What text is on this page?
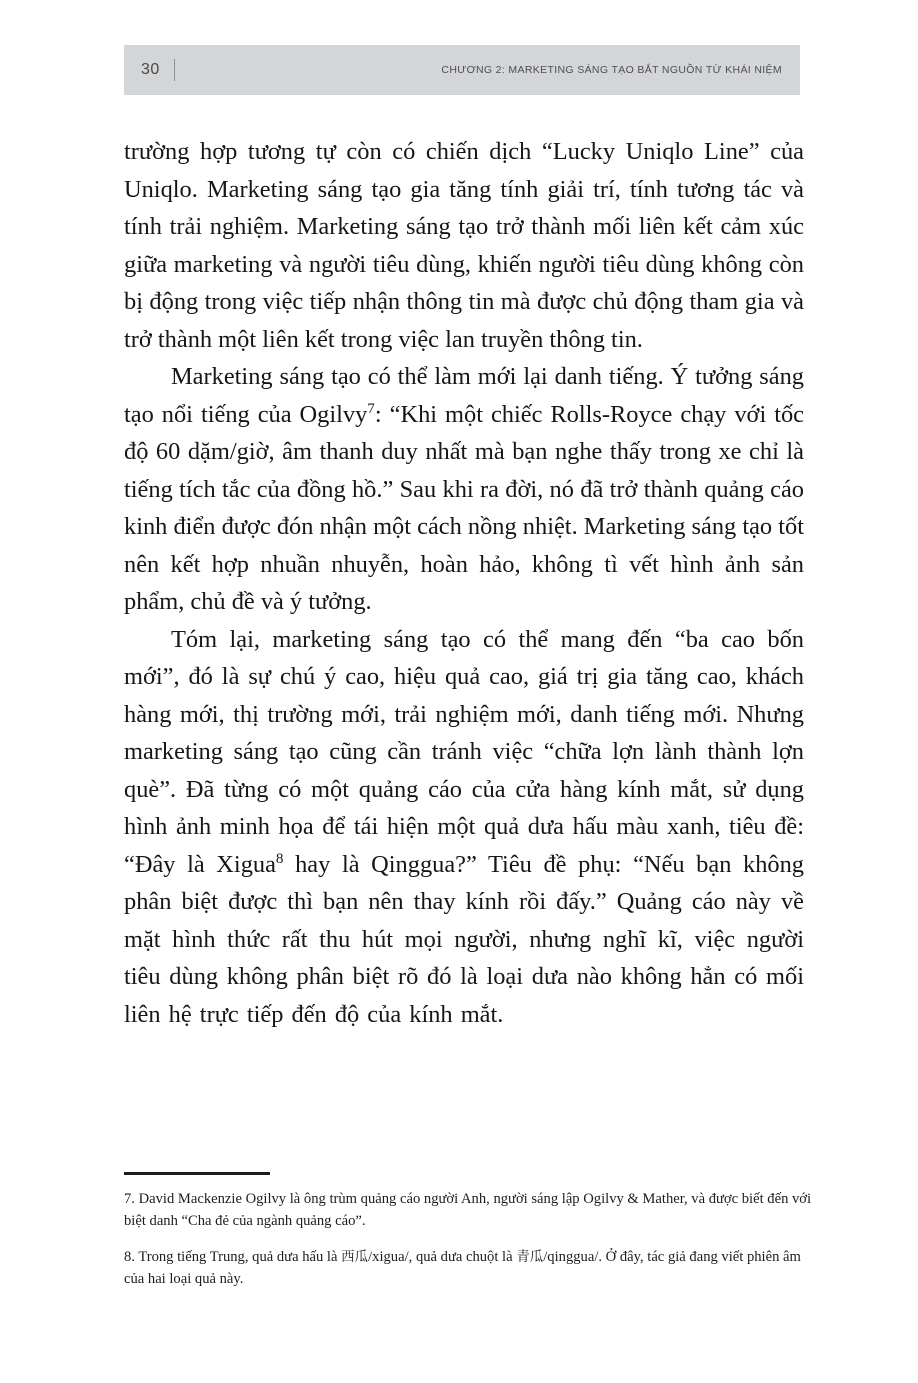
30	CHƯƠNG 2: MARKETING SÁNG TẠO BẮT NGUỒN TỪ KHÁI NIỆM

trường hợp tương tự còn có chiến dịch “Lucky Uniqlo Line” của Uniqlo. Marketing sáng tạo gia tăng tính giải trí, tính tương tác và tính trải nghiệm. Marketing sáng tạo trở thành mối liên kết cảm xúc giữa marketing và người tiêu dùng, khiến người tiêu dùng không còn bị động trong việc tiếp nhận thông tin mà được chủ động tham gia và trở thành một liên kết trong việc lan truyền thông tin.

Marketing sáng tạo có thể làm mới lại danh tiếng. Ý tưởng sáng tạo nổi tiếng của Ogilvy$^7$: “Khi một chiếc Rolls-Royce chạy với tốc độ 60 dặm/giờ, âm thanh duy nhất mà bạn nghe thấy trong xe chỉ là tiếng tích tắc của đồng hồ.” Sau khi ra đời, nó đã trở thành quảng cáo kinh điển được đón nhận một cách nồng nhiệt. Marketing sáng tạo tốt nên kết hợp nhuần nhuyễn, hoàn hảo, không tì vết hình ảnh sản phẩm, chủ đề và ý tưởng.

Tóm lại, marketing sáng tạo có thể mang đến “ba cao bốn mới”, đó là sự chú ý cao, hiệu quả cao, giá trị gia tăng cao, khách hàng mới, thị trường mới, trải nghiệm mới, danh tiếng mới. Nhưng marketing sáng tạo cũng cần tránh việc “chữa lợn lành thành lợn què”. Đã từng có một quảng cáo của cửa hàng kính mắt, sử dụng hình ảnh minh họa để tái hiện một quả dưa hấu màu xanh, tiêu đề: “Đây là Xigua$^8$ hay là Qinggua?” Tiêu đề phụ: “Nếu bạn không phân biệt được thì bạn nên thay kính rồi đấy.” Quảng cáo này về mặt hình thức rất thu hút mọi người, nhưng nghĩ kĩ, việc người tiêu dùng không phân biệt rõ đó là loại dưa nào không hẳn có mối liên hệ trực tiếp đến độ của kính mắt.

7. David Mackenzie Ogilvy là ông trùm quảng cáo người Anh, người sáng lập Ogilvy & Mather, và được biết đến với biệt danh “Cha đẻ của ngành quảng cáo”.

8. Trong tiếng Trung, quả dưa hấu là 西瓜/xigua/, quả dưa chuột là 青瓜/qinggua/. Ở đây, tác giả đang viết phiên âm của hai loại quả này.
